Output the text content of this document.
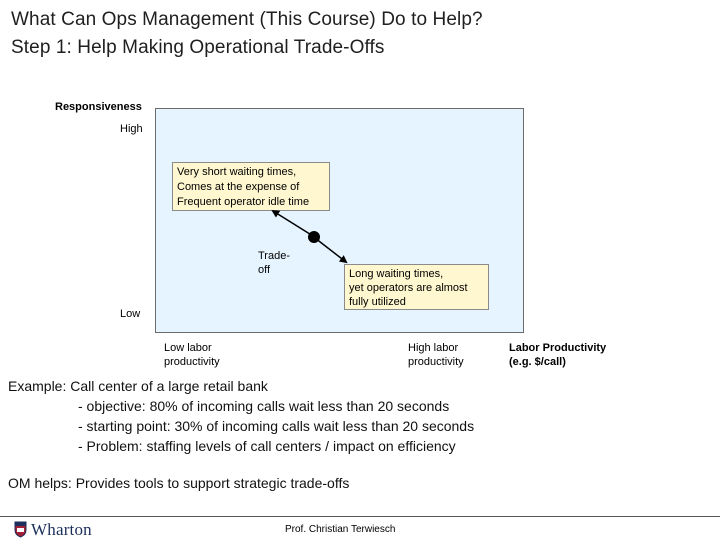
What Can Ops Management (This Course) Do to Help?
Step 1: Help Making Operational Trade-Offs
Responsiveness
High
Low
Very short waiting times,
Comes at the expense of
Frequent operator idle time
Long waiting times,
yet operators are almost
fully utilized
Trade-
off
Low labor
productivity
High labor
productivity
Labor Productivity
(e.g. $/call)
Example: Call center of a large retail bank
- objective: 80% of incoming calls wait less than 20 seconds
- starting point: 30% of incoming calls wait less than 20 seconds
- Problem: staffing levels of call centers / impact on efficiency
OM helps: Provides tools to support strategic trade-offs
Wharton	Prof. Christian Terwiesch
